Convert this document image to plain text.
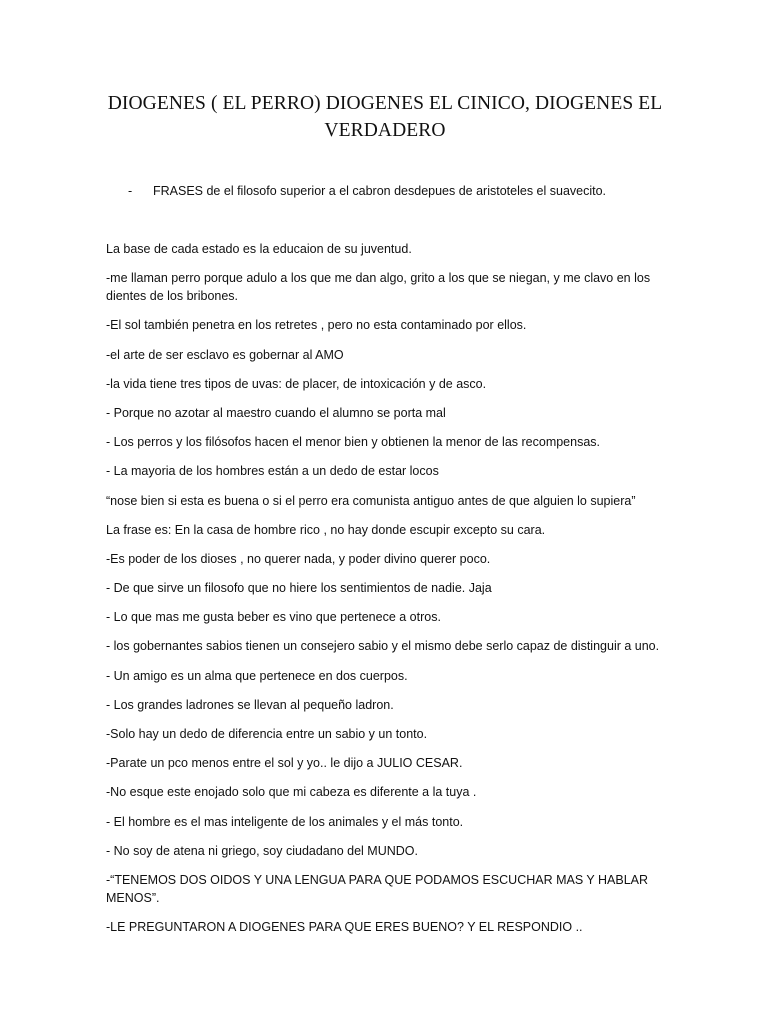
DIOGENES ( EL PERRO) DIOGENES EL CINICO, DIOGENES EL VERDADERO
- FRASES de el filosofo superior a el cabron desdepues de aristoteles el suavecito.
La base de cada estado es la educaion de su juventud.
-me llaman perro porque adulo a los que me dan algo, grito a los que se niegan, y me clavo en los dientes de los bribones.
-El sol también penetra en los retretes , pero no esta contaminado por ellos.
-el arte de ser esclavo es gobernar al AMO
-la vida tiene tres tipos de uvas: de placer, de intoxicación y de asco.
- Porque no azotar al maestro cuando el alumno se porta mal
- Los perros y los filósofos hacen el menor bien y obtienen la menor de las recompensas.
- La mayoria de los hombres están a un dedo de estar locos
“nose bien si esta es buena o si el perro era comunista antiguo antes de que alguien lo supiera”
La frase es: En la casa de hombre rico , no hay donde escupir excepto su cara.
-Es poder de los dioses , no querer nada, y poder divino querer poco.
- De que sirve un filosofo que no hiere los sentimientos de nadie. Jaja
- Lo que mas me gusta beber es vino que pertenece a otros.
- los gobernantes sabios tienen un consejero sabio y el mismo debe serlo capaz de distinguir a uno.
- Un amigo es un alma que pertenece en dos cuerpos.
- Los grandes ladrones se llevan al pequeño ladron.
-Solo hay un dedo de diferencia entre un sabio y un tonto.
-Parate un pco menos entre el sol y yo.. le dijo a JULIO CESAR.
-No esque este enojado solo que mi cabeza es diferente a la tuya .
- El hombre es el mas inteligente de los animales y el más tonto.
- No soy de atena ni griego, soy ciudadano del MUNDO.
-“TENEMOS DOS OIDOS Y UNA LENGUA PARA QUE PODAMOS ESCUCHAR MAS Y HABLAR MENOS”.
-LE PREGUNTARON A DIOGENES PARA QUE ERES BUENO? Y EL RESPONDIO ..
